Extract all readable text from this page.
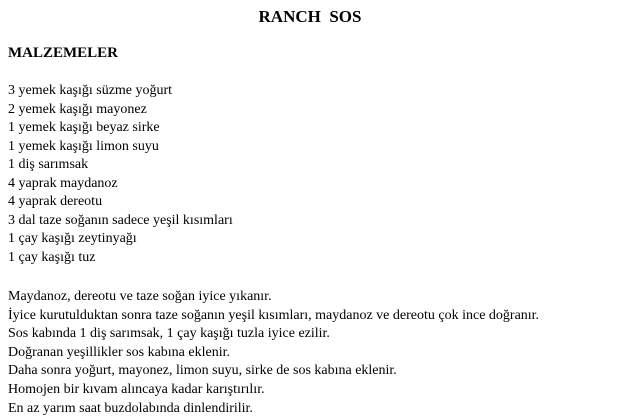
RANCH  SOS
MALZEMELER
3 yemek kaşığı süzme yoğurt
2 yemek kaşığı mayonez
1 yemek kaşığı beyaz sirke
1 yemek kaşığı limon suyu
1 diş sarımsak
4 yaprak maydanoz
4 yaprak dereotu
3 dal taze soğanın sadece yeşil kısımları
1 çay kaşığı zeytinyağı
1 çay kaşığı tuz
Maydanoz, dereotu ve taze soğan iyice yıkanır.
İyice kurutulduktan sonra taze soğanın yeşil kısımları, maydanoz ve dereotu çok ince doğranır.
Sos kabında 1 diş sarımsak, 1 çay kaşığı tuzla iyice ezilir.
Doğranan yeşillikler sos kabına eklenir.
Daha sonra yoğurt, mayonez, limon suyu, sirke de sos kabına eklenir.
Homojen bir kıvam alıncaya kadar karıştırılır.
En az yarım saat buzdolabında dinlendirilir.
